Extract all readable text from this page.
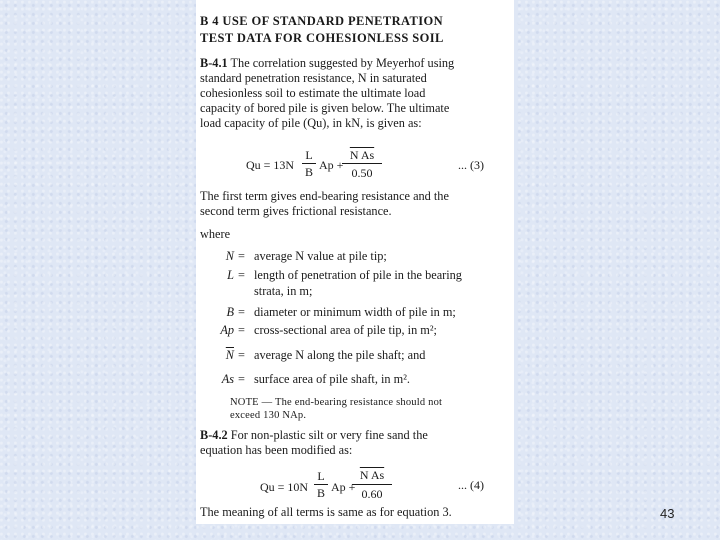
B 4 USE OF STANDARD PENETRATION
TEST DATA FOR COHESIONLESS SOIL
B-4.1 The correlation suggested by Meyerhof using
standard penetration resistance, N in saturated
cohesionless soil to estimate the ultimate load
capacity of bored pile is given below. The ultimate
load capacity of pile (Qu), in kN, is given as:
Qu = 13N
L
B Ap +
N As
0.50
... (3)
The first term gives end-bearing resistance and the
second term gives frictional resistance.
where
N = average N value at pile tip;
L = length of penetration of pile in the bearing
strata, in m;
B = diameter or minimum width of pile in m;
Ap = cross-sectional area of pile tip, in m²;
$\overline{N}$ = average N along the pile shaft; and
As = surface area of pile shaft, in m².
NOTE — The end-bearing resistance should not
exceed 130 NAp.
B-4.2 For non-plastic silt or very fine sand the
equation has been modified as:
Qu = 10N
L
B Ap +
N As
0.60
... (4)
The meaning of all terms is same as for equation 3.	43
